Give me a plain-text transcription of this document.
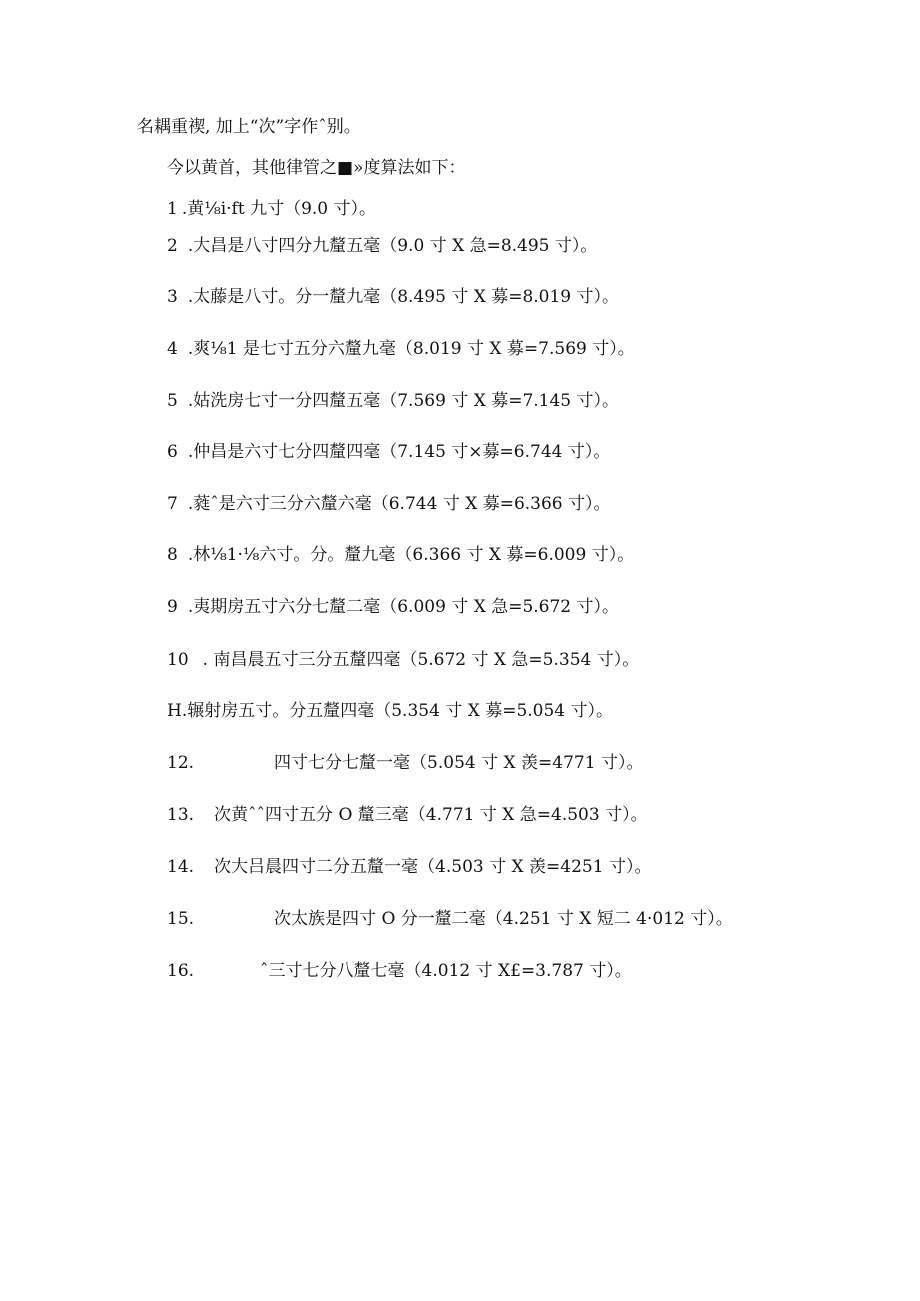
名耦重禊, 加上“次”字作ˆ别。
今以黄首，其他律管之■»度算法如下：
1 .黄⅛i·ft 九寸（9.0 寸）。
2 .大昌是八寸四分九釐五毫（9.0 寸 X 急=8.495 寸）。
3 .太藤是八寸。分一釐九毫（8.495 寸 X 募=8.019 寸）。
4 .爽⅛1 是七寸五分六釐九毫（8.019 寸 X 募=7.569 寸）。
5 .姑洗房七寸一分四釐五毫（7.569 寸 X 募=7.145 寸）。
6 .仲昌是六寸七分四釐四毫（7.145 寸×募=6.744 寸）。
7 .蕤ˆ是六寸三分六釐六毫（6.744 寸 X 募=6.366 寸）。
8 .林⅛1·⅛六寸。分。釐九毫（6.366 寸 X 募=6.009 寸）。
9 .夷期房五寸六分七釐二毫（6.009 寸 X 急=5.672 寸）。
10 . 南昌晨五寸三分五釐四毫（5.672 寸 X 急=5.354 寸）。
H.辗射房五寸。分五釐四毫（5.354 寸 X 募=5.054 寸）。
12.	四寸七分七釐一毫（5.054 寸 X 羡=4771 寸）。
13. 次黄ˆˆ四寸五分 O 釐三毫（4.771 寸 X 急=4.503 寸）。
14. 次大吕晨四寸二分五釐一毫（4.503 寸 X 羡=4251 寸）。
15.	次太族是四寸 O 分一釐二毫（4.251 寸 X 短二 4·012 寸）。
16.	ˆ三寸七分八釐七毫（4.012 寸 X£=3.787 寸）。
